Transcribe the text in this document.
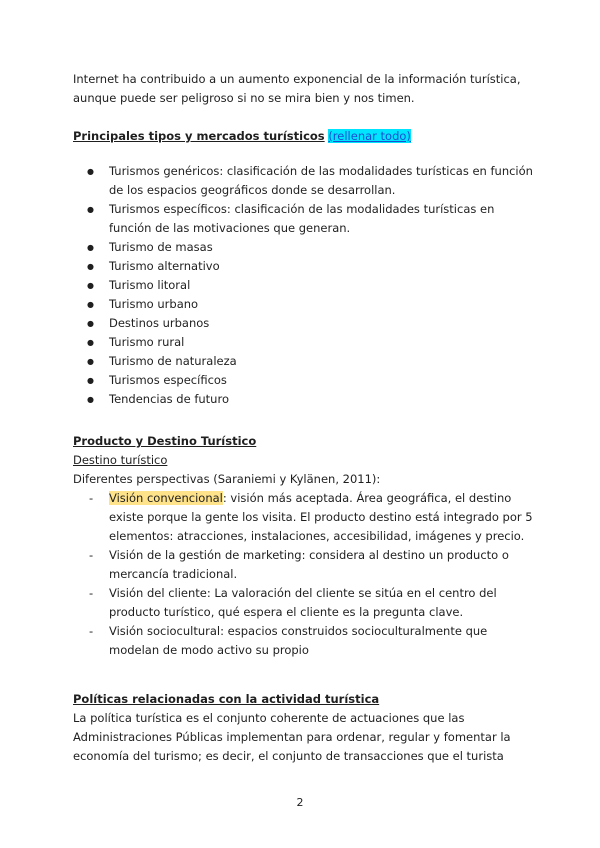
Internet ha contribuido a un aumento exponencial de la información turística, aunque puede ser peligroso si no se mira bien y nos timen.

Principales tipos y mercados turísticos (rellenar todo)

● Turismos genéricos: clasificación de las modalidades turísticas en función de los espacios geográficos donde se desarrollan.
● Turismos específicos: clasificación de las modalidades turísticas en función de las motivaciones que generan.
● Turismo de masas
● Turismo alternativo
● Turismo litoral
● Turismo urbano
● Destinos urbanos
● Turismo rural
● Turismo de naturaleza
● Turismos específicos
● Tendencias de futuro

Producto y Destino Turístico

Destino turístico

Diferentes perspectivas (Saraniemi y Kylänen, 2011):

- Visión convencional: visión más aceptada. Área geográfica, el destino existe porque la gente los visita. El producto destino está integrado por 5 elementos: atracciones, instalaciones, accesibilidad, imágenes y precio.
- Visión de la gestión de marketing: considera al destino un producto o mercancía tradicional.
- Visión del cliente: La valoración del cliente se sitúa en el centro del producto turístico, qué espera el cliente es la pregunta clave.
- Visión sociocultural: espacios construidos socioculturalmente que modelan de modo activo su propio

Políticas relacionadas con la actividad turística

La política turística es el conjunto coherente de actuaciones que las Administraciones Públicas implementan para ordenar, regular y fomentar la economía del turismo; es decir, el conjunto de transacciones que el turista

2
